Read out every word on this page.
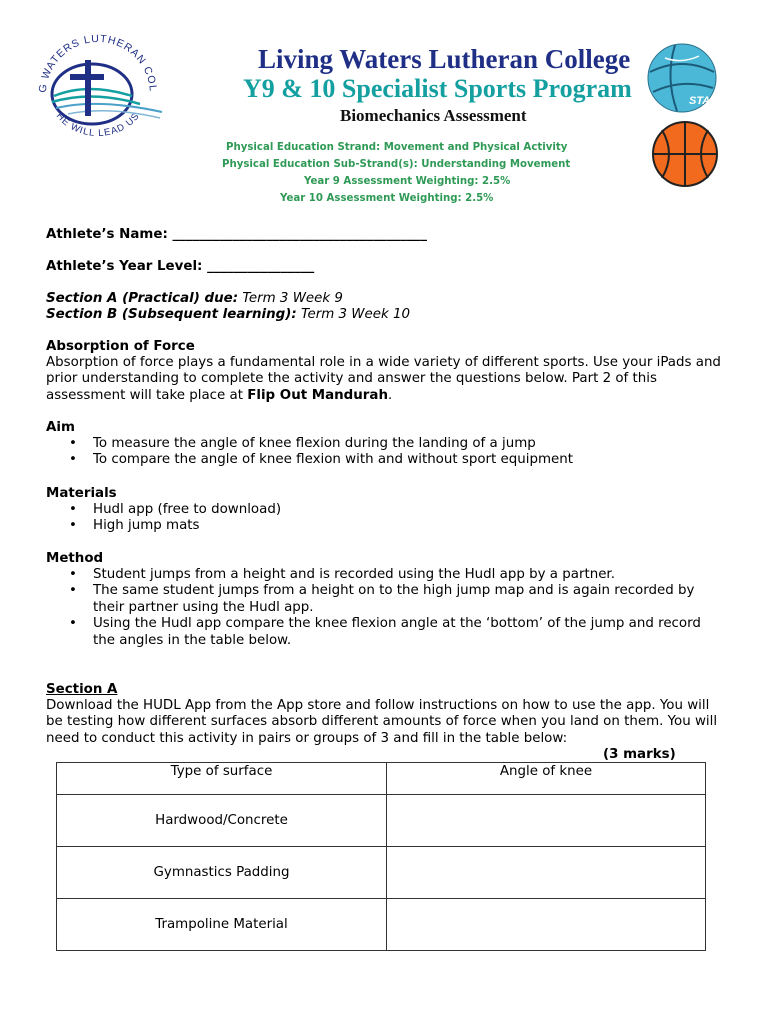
G WATERS LUTHERAN COL
HE WILL LEAD US
Living Waters Lutheran College
Y9 & 10 Specialist Sports Program
Biomechanics Assessment
STAR
Physical Education Strand: Movement and Physical Activity
Physical Education Sub-Strand(s): Understanding Movement
Year 9 Assessment Weighting: 2.5%
Year 10 Assessment Weighting: 2.5%
Athlete’s Name: ______________________________________
Athlete’s Year Level: ________________
Section A (Practical) due: Term 3 Week 9
Section B (Subsequent learning): Term 3 Week 10
Absorption of Force
Absorption of force plays a fundamental role in a wide variety of different sports. Use your iPads and prior understanding to complete the activity and answer the questions below. Part 2 of this assessment will take place at Flip Out Mandurah.
Aim
• To measure the angle of knee flexion during the landing of a jump
• To compare the angle of knee flexion with and without sport equipment
Materials
• Hudl app (free to download)
• High jump mats
Method
• Student jumps from a height and is recorded using the Hudl app by a partner.
• The same student jumps from a height on to the high jump map and is again recorded by their partner using the Hudl app.
• Using the Hudl app compare the knee flexion angle at the ‘bottom’ of the jump and record the angles in the table below.
Section A
Download the HUDL App from the App store and follow instructions on how to use the app. You will be testing how different surfaces absorb different amounts of force when you land on them. You will need to conduct this activity in pairs or groups of 3 and fill in the table below:
(3 marks)
Type of surface	Angle of knee
Hardwood/Concrete	
Gymnastics Padding	
Trampoline Material	
